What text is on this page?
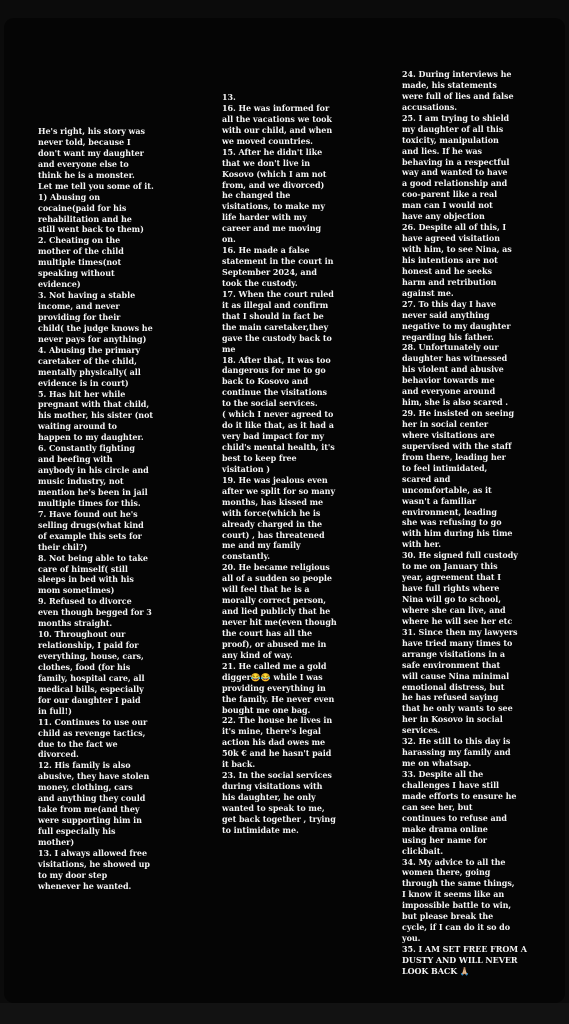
He's right, his story was
never told, because I
don't want my daughter
and everyone else to
think he is a monster.
Let me tell you some of it.
1) Abusing on
cocaine(paid for his
rehabilitation and he
still went back to them)
2. Cheating on the
mother of the child
multiple times(not
speaking without
evidence)
3. Not having a stable
income, and never
providing for their
child( the judge knows he
never pays for anything)
4. Abusing the primary
caretaker of the child,
mentally physically( all
evidence is in court)
5. Has hit her while
pregnant with that child,
his mother, his sister (not
waiting around to
happen to my daughter.
6. Constantly fighting
and beefing with
anybody in his circle and
music industry, not
mention he's been in jail
multiple times for this.
7. Have found out he's
selling drugs(what kind
of example this sets for
their chil?)
8. Not being able to take
care of himself( still
sleeps in bed with his
mom sometimes)
9. Refused to divorce
even though begged for 3
months straight.
10. Throughout our
relationship, I paid for
everything, house, cars,
clothes, food (for his
family, hospital care, all
medical bills, especially
for our daughter I paid
in full!)
11. Continues to use our
child as revenge tactics,
due to the fact we
divorced.
12. His family is also
abusive, they have stolen
money, clothing, cars
and anything they could
take from me(and they
were supporting him in
full especially his
mother)
13. I always allowed free
visitations, he showed up
to my door step
whenever he wanted.
13.
16. He was informed for
all the vacations we took
with our child, and when
we moved countries.
15. After he didn't like
that we don't live in
Kosovo (which I am not
from, and we divorced)
he changed the
visitations, to make my
life harder with my
career and me moving
on.
16. He made a false
statement in the court in
September 2024, and
took the custody.
17. When the court ruled
it as illegal and confirm
that I should in fact be
the main caretaker,they
gave the custody back to
me
18. After that, It was too
dangerous for me to go
back to Kosovo and
continue the visitations
to the social services.
( which I never agreed to
do it like that, as it had a
very bad impact for my
child's mental health, it's
best to keep free
visitation )
19. He was jealous even
after we split for so many
months, has kissed me
with force(which he is
already charged in the
court) , has threatened
me and my family
constantly.
20. He became religious
all of a sudden so people
will feel that he is a
morally correct person,
and lied publicly that he
never hit me(even though
the court has all the
proof), or abused me in
any kind of way.
21. He called me a gold
digger😂😂 while I was
providing everything in
the family. He never even
bought me one bag.
22. The house he lives in
it's mine, there's legal
action his dad owes me
50k € and he hasn't paid
it back.
23. In the social services
during visitations with
his daughter, he only
wanted to speak to me,
get back together , trying
to intimidate me.
24. During interviews he
made, his statements
were full of lies and false
accusations.
25. I am trying to shield
my daughter of all this
toxicity, manipulation
and lies. If he was
behaving in a respectful
way and wanted to have
a good relationship and
coo-parent like a real
man can I would not
have any objection
26. Despite all of this, I
have agreed visitation
with him, to see Nina, as
his intentions are not
honest and he seeks
harm and retribution
against me.
27. To this day I have
never said anything
negative to my daughter
regarding his father.
28. Unfortunately our
daughter has witnessed
his violent and abusive
behavior towards me
and everyone around
him, she is also scared .
29. He insisted on seeing
her in social center
where visitations are
supervised with the staff
from there, leading her
to feel intimidated,
scared and
uncomfortable, as it
wasn't a familiar
environment, leading
she was refusing to go
with him during his time
with her.
30. He signed full custody
to me on January this
year, agreement that I
have full rights where
Nina will go to school,
where she can live, and
where he will see her etc
31. Since then my lawyers
have tried many times to
arrange visitations in a
safe environment that
will cause Nina minimal
emotional distress, but
he has refused saying
that he only wants to see
her in Kosovo in social
services.
32. He still to this day is
harassing my family and
me on whatsap.
33. Despite all the
challenges I have still
made efforts to ensure he
can see her, but
continues to refuse and
make drama online
using her name for
clickbait.
34. My advice to all the
women there, going
through the same things,
I know it seems like an
impossible battle to win,
but please break the
cycle, if I can do it so do
you.
35. I AM SET FREE FROM A
DUSTY AND WILL NEVER
LOOK BACK 🙏🏼
